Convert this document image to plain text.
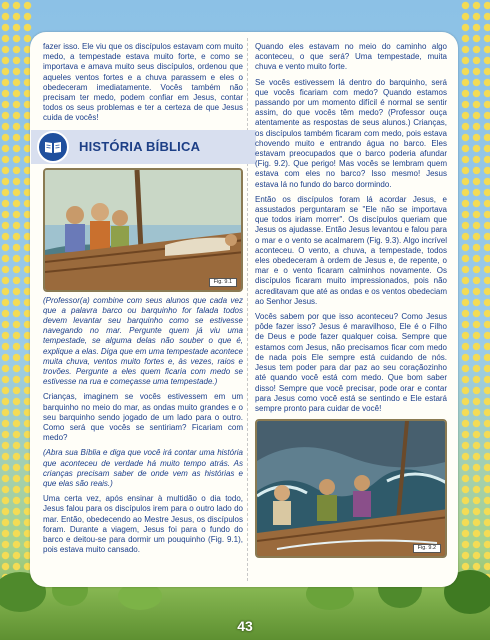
fazer isso. Ele viu que os discípulos estavam com muito medo, a tempestade estava muito forte, e como se importava e amava muito seus discípulos, ordenou que aqueles ventos fortes e a chuva parassem e eles o obedeceram imediatamente. Vocês também não precisam ter medo, podem confiar em Jesus, contar todos os seus problemas e ter a certeza de que Jesus cuida de vocês!

HISTÓRIA BÍBLICA
Fig. 9.1

(Professor(a) combine com seus alunos que cada vez que a palavra barco ou barquinho for falada todos devem levantar seu barquinho como se estivesse navegando no mar. Pergunte quem já viu uma tempestade, se alguma delas não souber o que é, explique a elas. Diga que em uma tempestade acontece muita chuva, ventos muito fortes e, às vezes, raios e trovões. Pergunte a eles quem ficaria com medo se estivesse na rua e começasse uma tempestade.)

Crianças, imaginem se vocês estivessem em um barquinho no meio do mar, as ondas muito grandes e o seu barquinho sendo jogado de um lado para o outro. Como será que vocês se sentiriam? Ficariam com medo?

(Abra sua Bíblia e diga que você irá contar uma história que aconteceu de verdade há muito tempo atrás. As crianças precisam saber de onde vem as histórias e que elas são reais.)

Uma certa vez, após ensinar à multidão o dia todo, Jesus falou para os discípulos irem para o outro lado do mar. Então, obedecendo ao Mestre Jesus, os discípulos foram. Durante a viagem, Jesus foi para o fundo do barco e deitou-se para dormir um pouquinho (Fig. 9.1), pois estava muito cansado.

Quando eles estavam no meio do caminho algo aconteceu, o que será? Uma tempestade, muita chuva e vento muito forte.

Se vocês estivessem lá dentro do barquinho, será que vocês ficariam com medo? Quando estamos passando por um momento difícil é normal se sentir assim, do que vocês têm medo? (Professor ouça atentamente as respostas de seus alunos.) Crianças, os discípulos também ficaram com medo, pois estava chovendo muito e entrando água no barco. Eles estavam preocupados que o barco poderia afundar (Fig. 9.2). Que perigo! Mas vocês se lembram quem estava com eles no barco? Isso mesmo! Jesus estava lá no fundo do barco dormindo.

Então os discípulos foram lá acordar Jesus, e assustados perguntaram se "Ele não se importava que todos iriam morrer". Os discípulos queriam que Jesus os ajudasse. Então Jesus levantou e falou para o mar e o vento se acalmarem (Fig. 9.3). Algo incrível aconteceu. O vento, a chuva, a tempestade, todos eles obedeceram à ordem de Jesus e, de repente, o mar e o vento ficaram calminhos novamente. Os discípulos ficaram muito impressionados, pois não acreditavam que até as ondas e os ventos obedeciam ao Senhor Jesus.

Vocês sabem por que isso aconteceu? Como Jesus pôde fazer isso? Jesus é maravilhoso, Ele é o Filho de Deus e pode fazer qualquer coisa. Sempre que estamos com Jesus, não precisamos ficar com medo de nada pois Ele sempre está cuidando de nós. Jesus tem poder para dar paz ao seu coraçãozinho até quando você está com medo. Que bom saber disso! Sempre que você precisar, pode orar e contar para Jesus como você está se sentindo e Ele estará sempre pronto para cuidar de você!

Fig. 9.2
43
